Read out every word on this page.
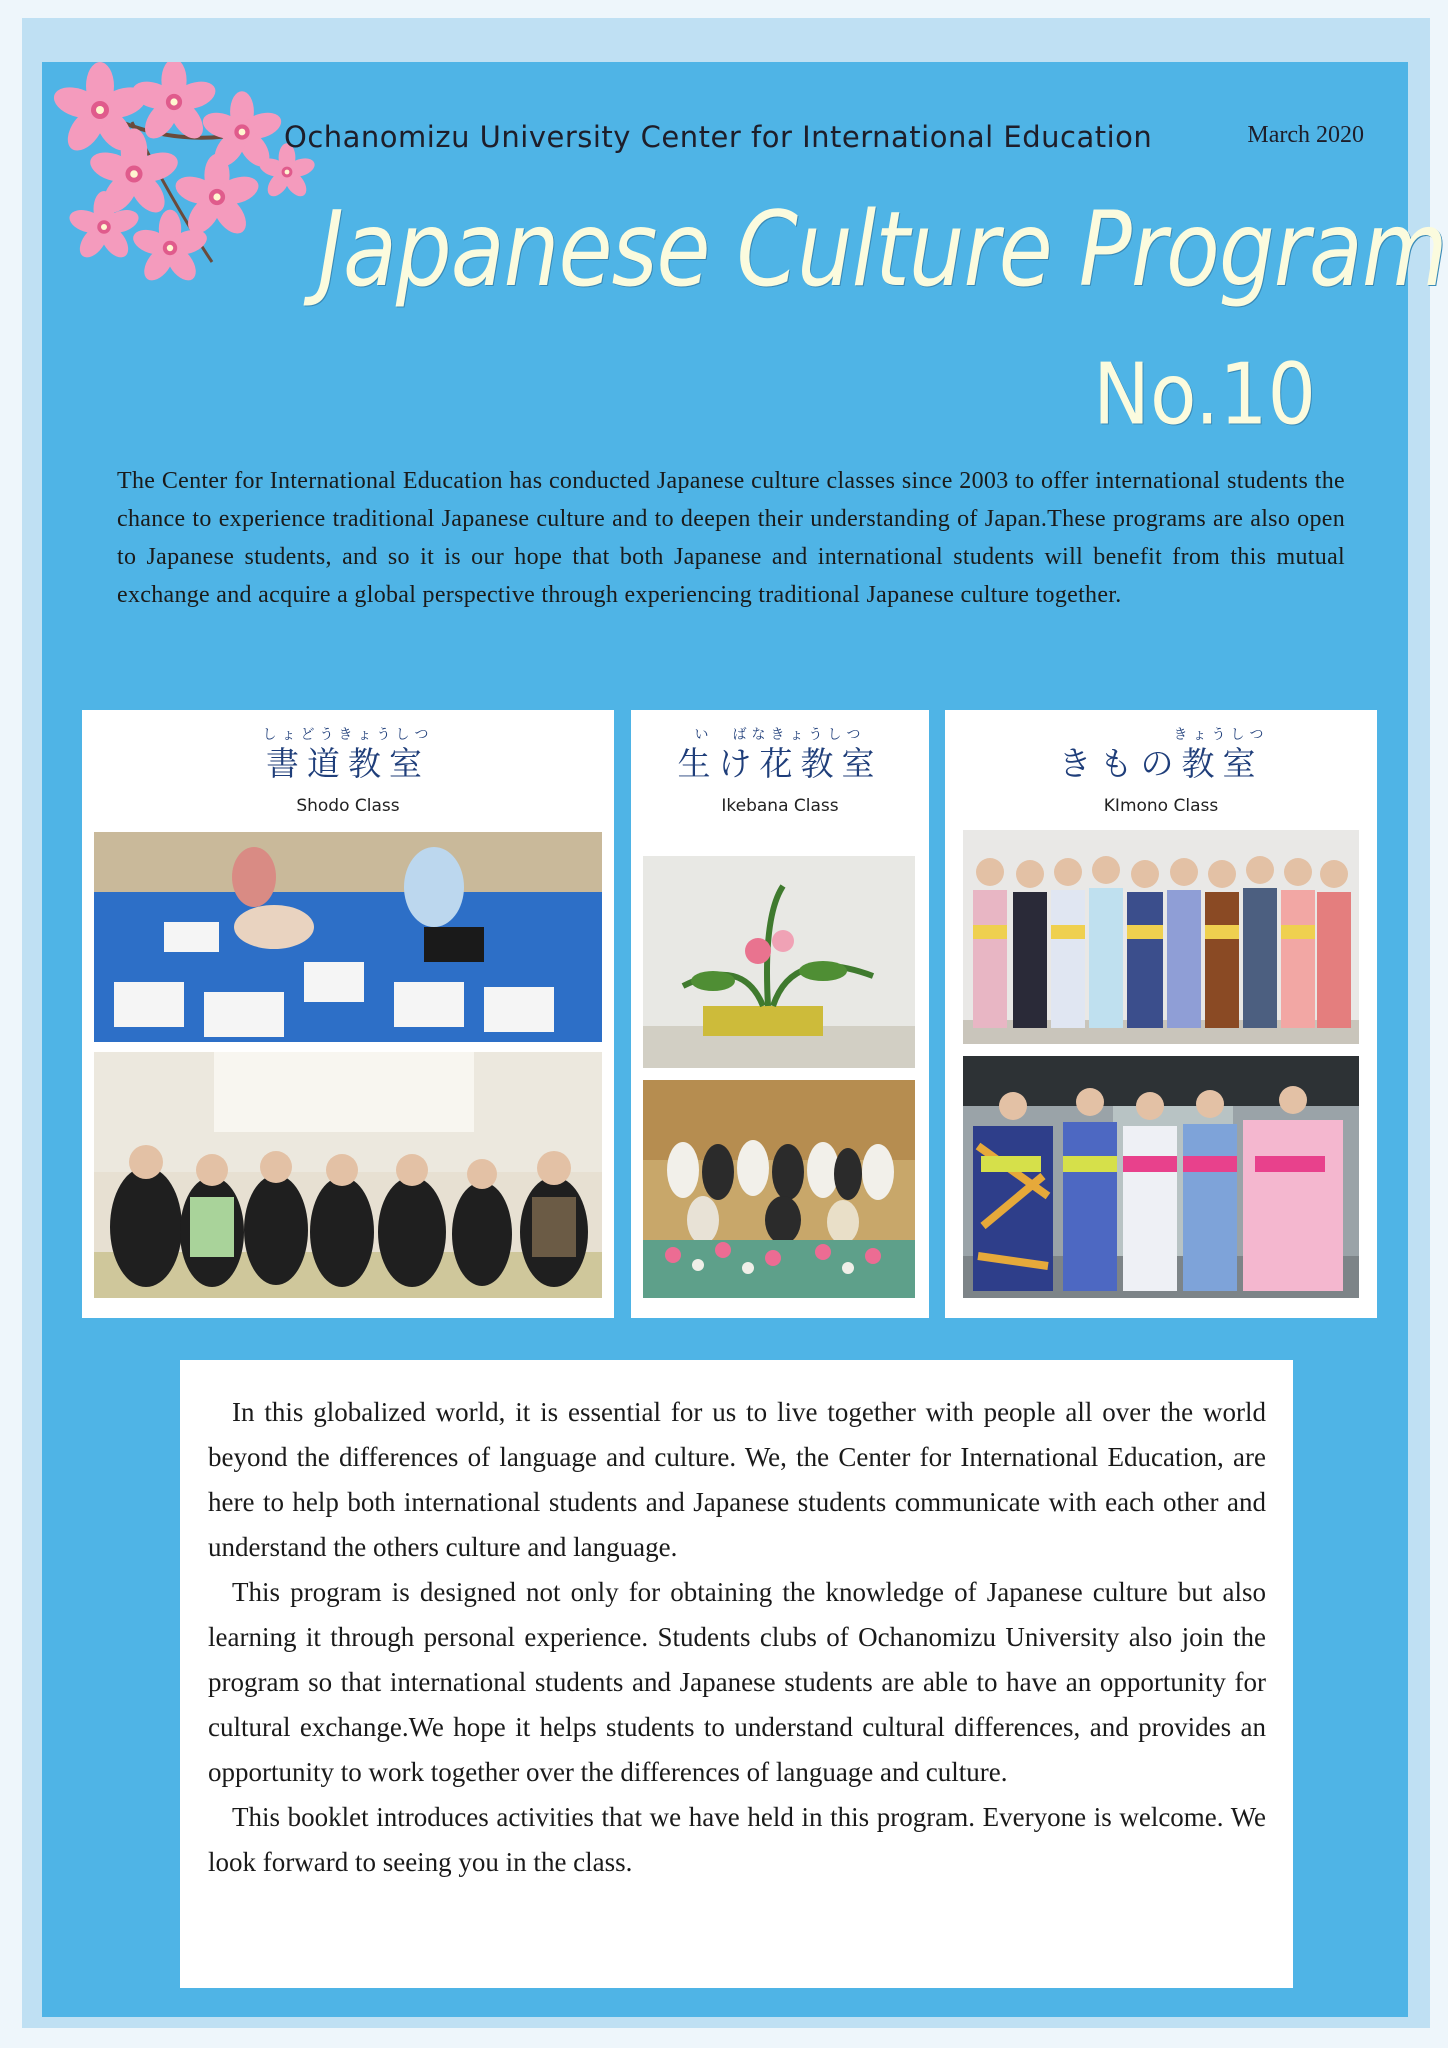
Ochanomizu University Center for International Education	March 2020
Japanese Culture Program
No.10
The Center for International Education has conducted Japanese culture classes since 2003 to offer international students the chance to experience traditional Japanese culture and to deepen their understanding of Japan.These programs are also open to Japanese students, and so it is our hope that both Japanese and international students will benefit from this mutual exchange and acquire a global perspective through experiencing traditional Japanese culture together.
しょどうきょうしつ
書道教室
Shodo Class
い　ばなきょうしつ
生け花教室
Ikebana Class
きょうしつ
きもの教室
KImono Class

In this globalized world, it is essential for us to live together with people all over the world beyond the differences of language and culture. We, the Center for International Education, are here to help both international students and Japanese students communicate with each other and understand the others culture and language.

This program is designed not only for obtaining the knowledge of Japanese culture but also learning it through personal experience. Students clubs of Ochanomizu University also join the program so that international students and Japanese students are able to have an opportunity for cultural exchange.We hope it helps students to understand cultural differences, and provides an opportunity to work together over the differences of language and culture.

This booklet introduces activities that we have held in this program. Everyone is welcome. We look forward to seeing you in the class.
